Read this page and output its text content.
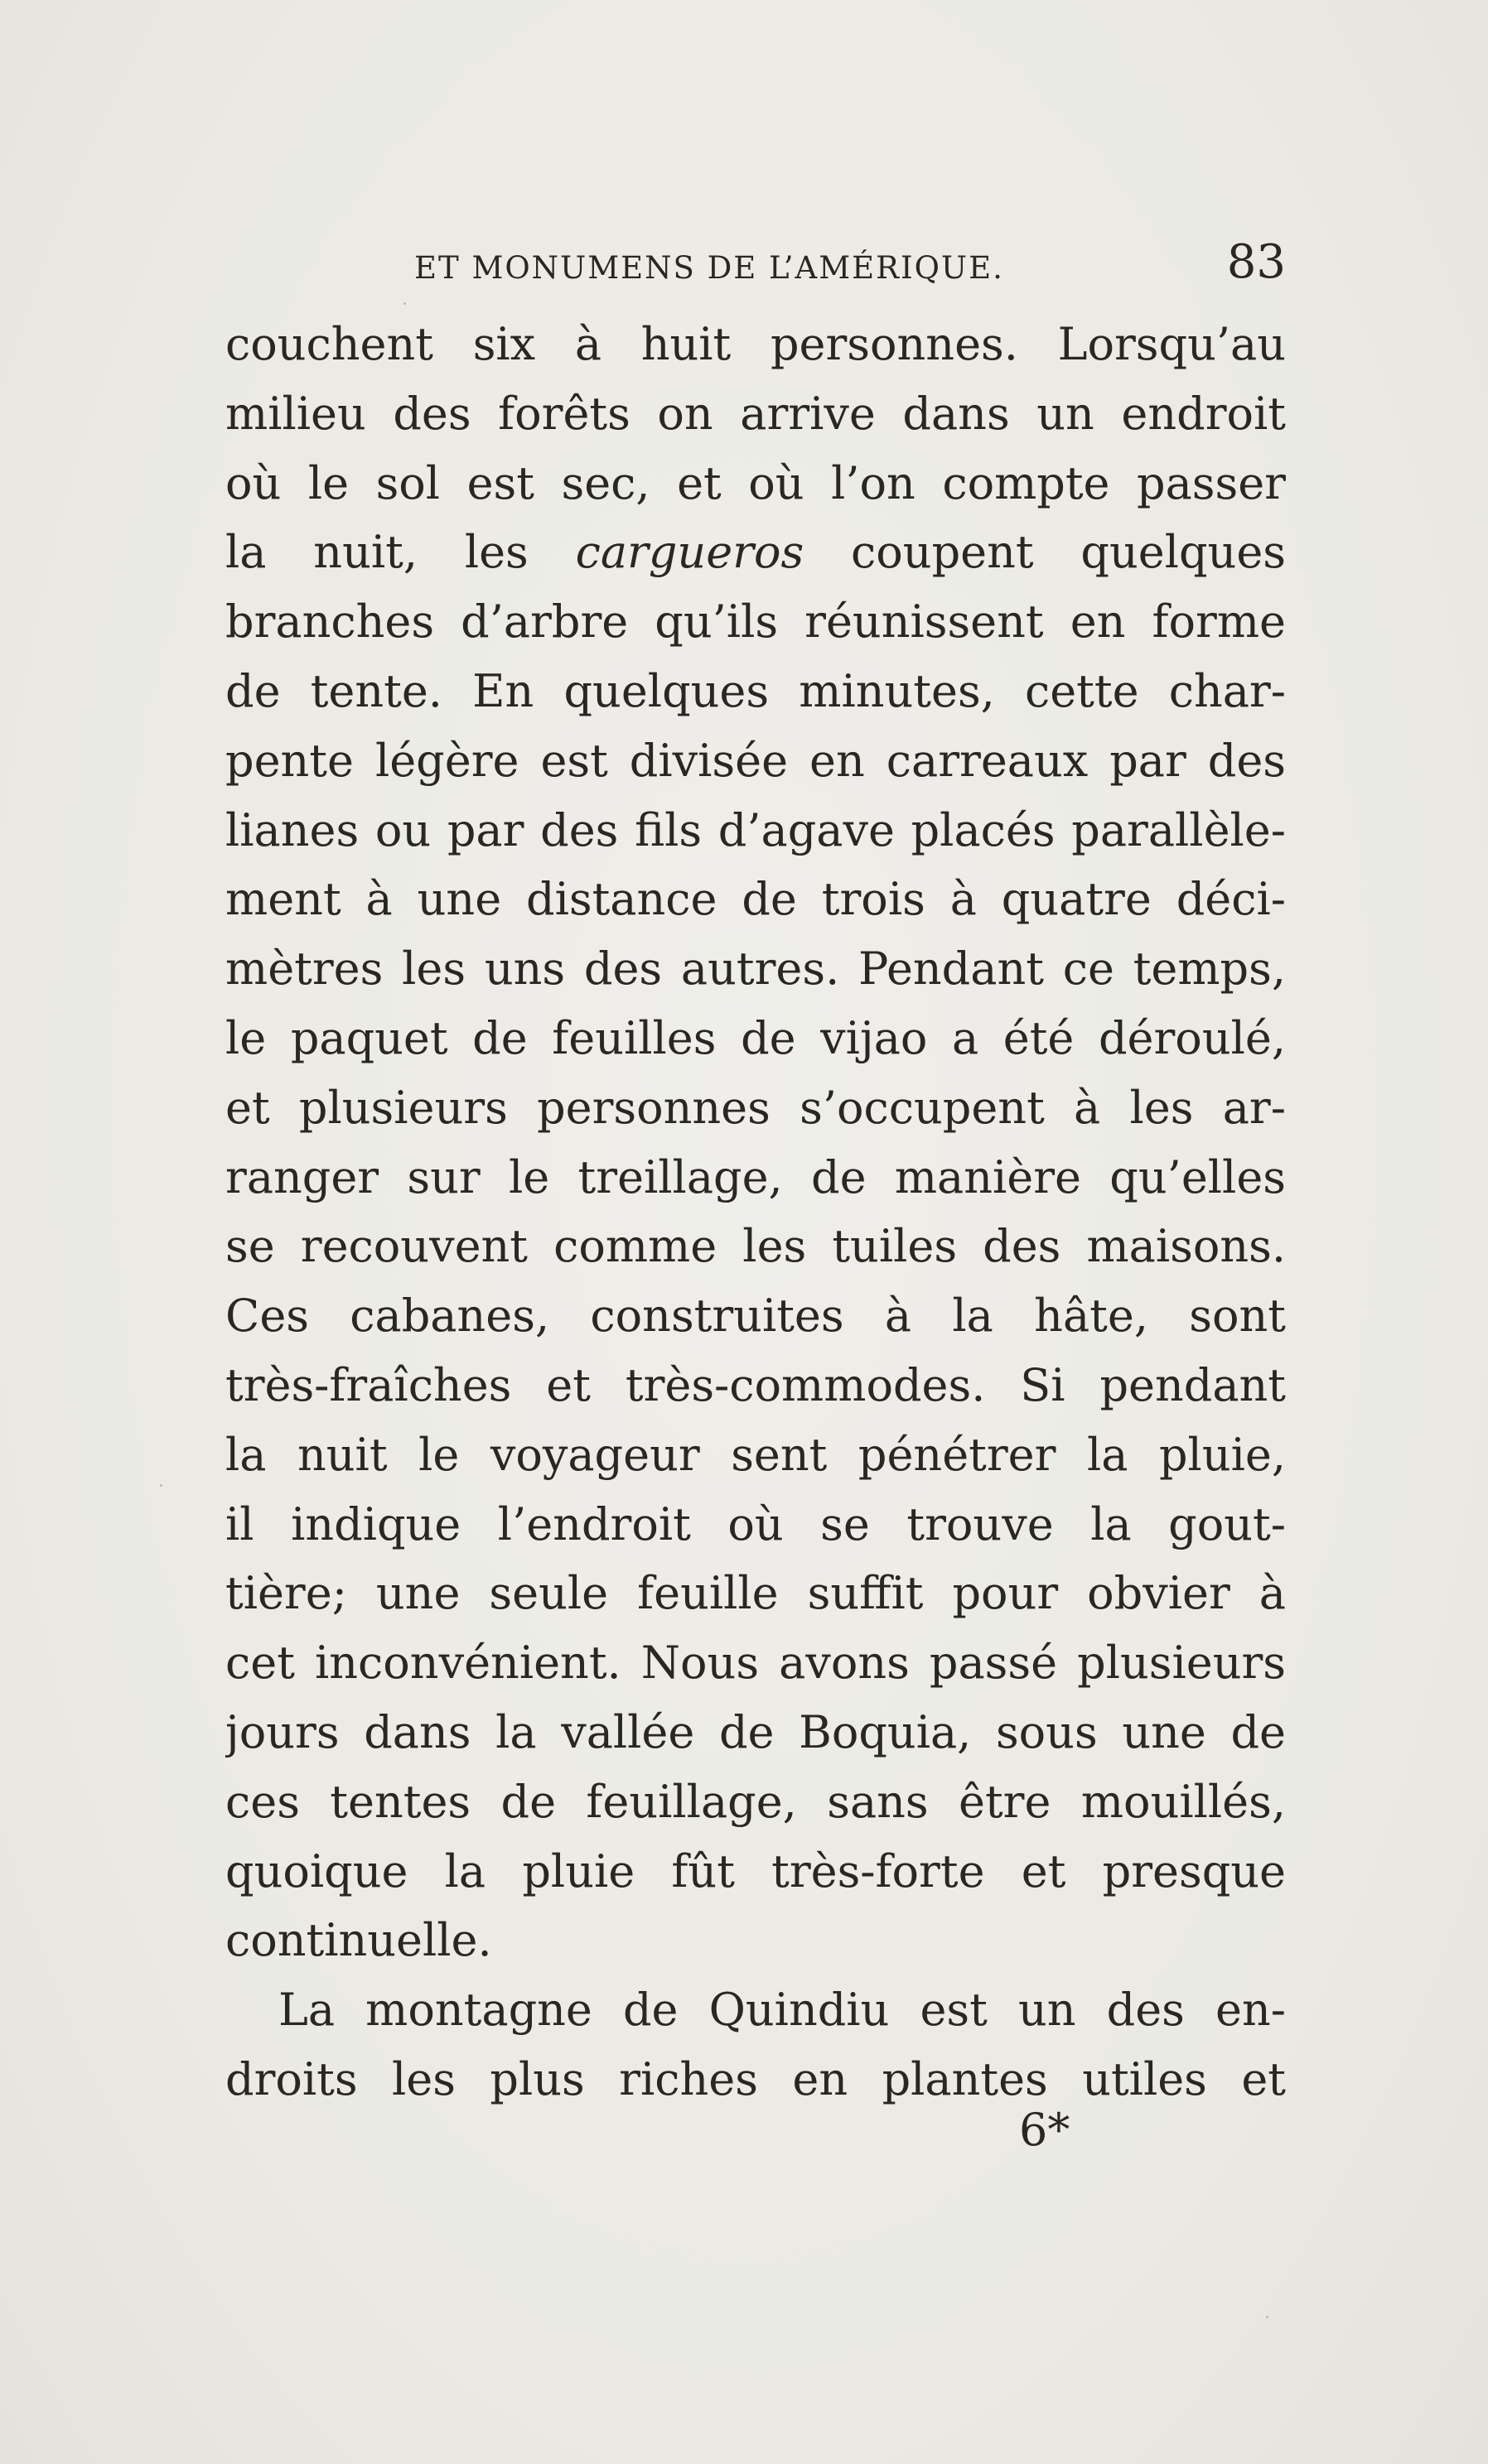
ET MONUMENS DE L’AMÉRIQUE.	83
couchent six à huit personnes. Lorsqu’au
milieu des forêts on arrive dans un endroit
où le sol est sec, et où l’on compte passer
la nuit, les cargueros coupent quelques
branches d’arbre qu’ils réunissent en forme
de tente. En quelques minutes, cette char-
pente légère est divisée en carreaux par des
lianes ou par des fils d’agave placés parallèle-
ment à une distance de trois à quatre déci-
mètres les uns des autres. Pendant ce temps,
le paquet de feuilles de vijao a été déroulé,
et plusieurs personnes s’occupent à les ar-
ranger sur le treillage, de manière qu’elles
se recouvent comme les tuiles des maisons.
Ces cabanes, construites à la hâte, sont
très-fraîches et très-commodes. Si pendant
la nuit le voyageur sent pénétrer la pluie,
il indique l’endroit où se trouve la gout-
tière; une seule feuille suffit pour obvier à
cet inconvénient. Nous avons passé plusieurs
jours dans la vallée de Boquia, sous une de
ces tentes de feuillage, sans être mouillés,
quoique la pluie fût très-forte et presque
continuelle.
La montagne de Quindiu est un des en-
droits les plus riches en plantes utiles et
6*
